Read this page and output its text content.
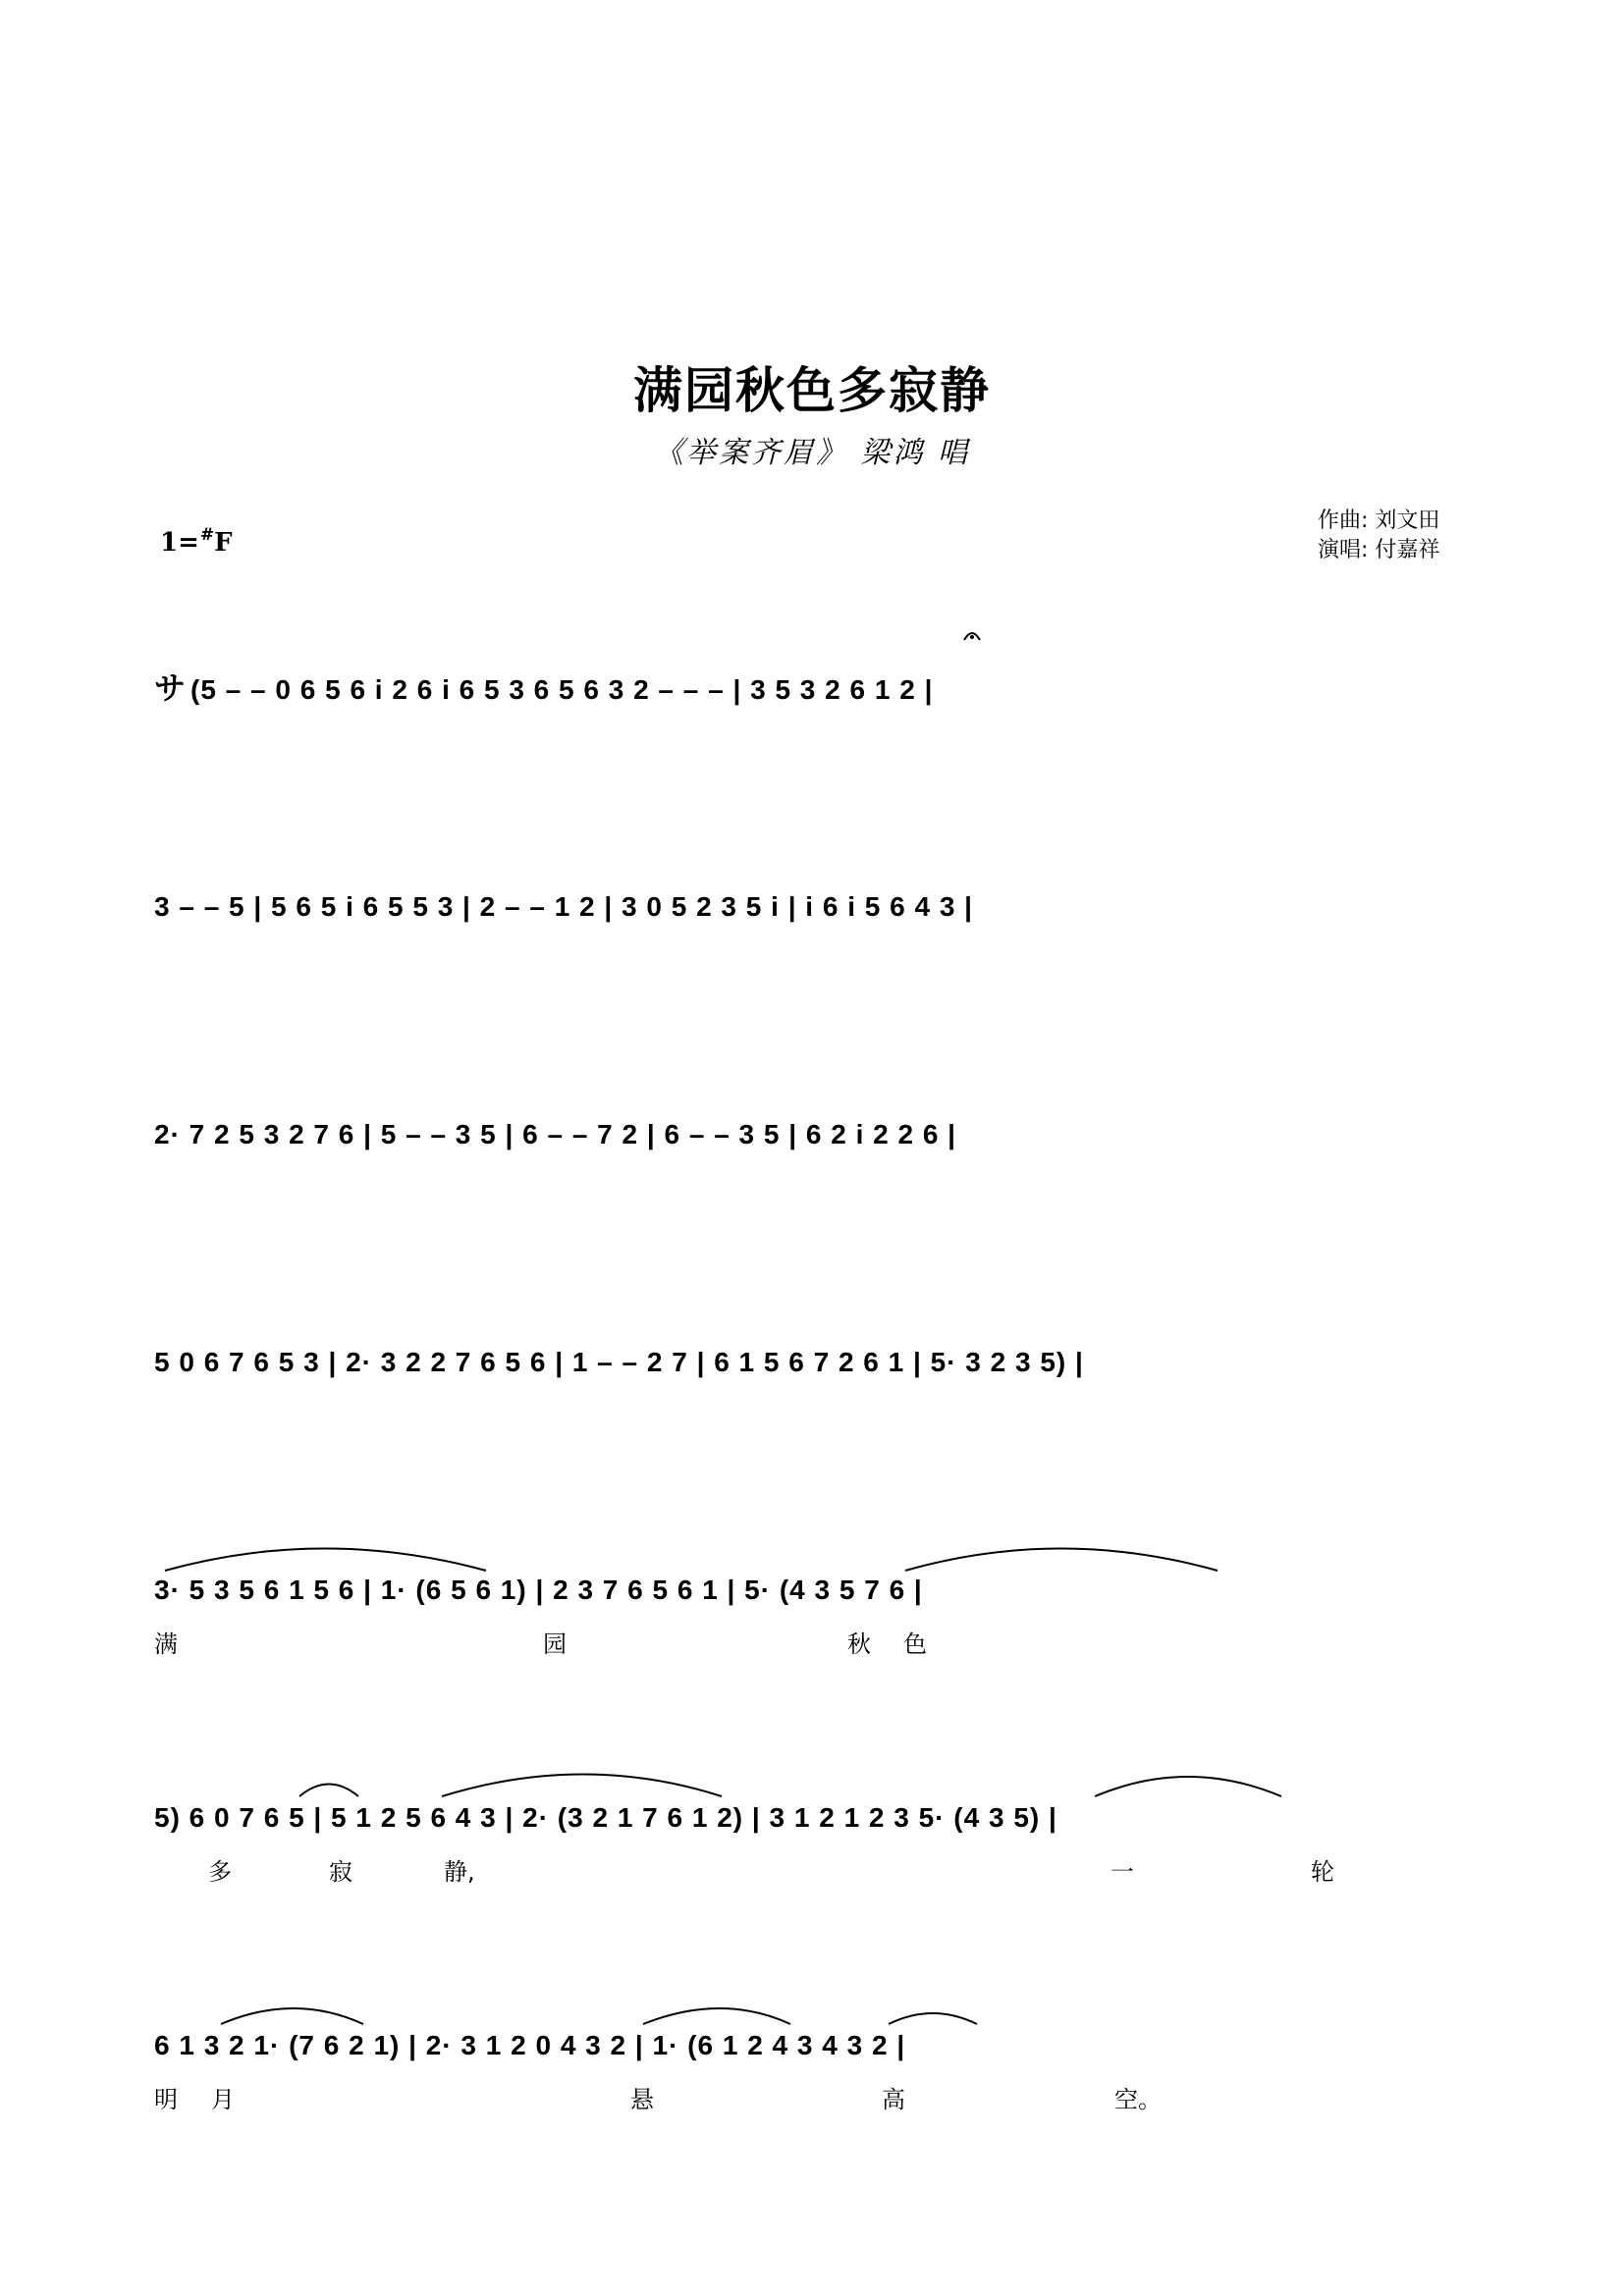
满园秋色多寂静
《举案齐眉》 梁鸿 唱
作曲: 刘文田
演唱: 付嘉祥
1=#F
サ (5 – – 0 6 5 6 i 2 6 i 6 5 3 6 5 6 3 2 – – – | 3 5 3 2 6 1 2 |
3 – – 5 | 5 6 5 i 6 5 5 3 | 2 – – 1 2 | 3 0 5 2 3 5 i | i 6 i 5 6 4 3 |
2· 7 2 5 3 2 7 6 | 5 – – 3 5 | 6 – – 7 2 | 6 – – 3 5 | 6 2 i 2 2 6 |
5 0 6 7 6 5 3 | 2· 3 2 2 7 6 5 6 | 1 – – 2 7 | 6 1 5 6 7 2 6 1 | 5· 3 2 3 5) |
3· 5 3 5 6 1 5 6 | 1· (6 5 6 1) | 2 3 7 6 5 6 1 | 5· (4 3 5 7 6 |
满	园	秋 色
5) 6 0 7 6 5 | 5 1 2 5 6 4 3 | 2· (3 2 1 7 6 1 2) | 3 1 2 1 2 3 5· (4 3 5) |
多	寂	静,	一	轮
6 1 3 2 1· (7 6 2 1) | 2· 3 1 2 0 4 3 2 | 1· (6 1 2 4 3 4 3 2 |
明 月	悬	高	空。
